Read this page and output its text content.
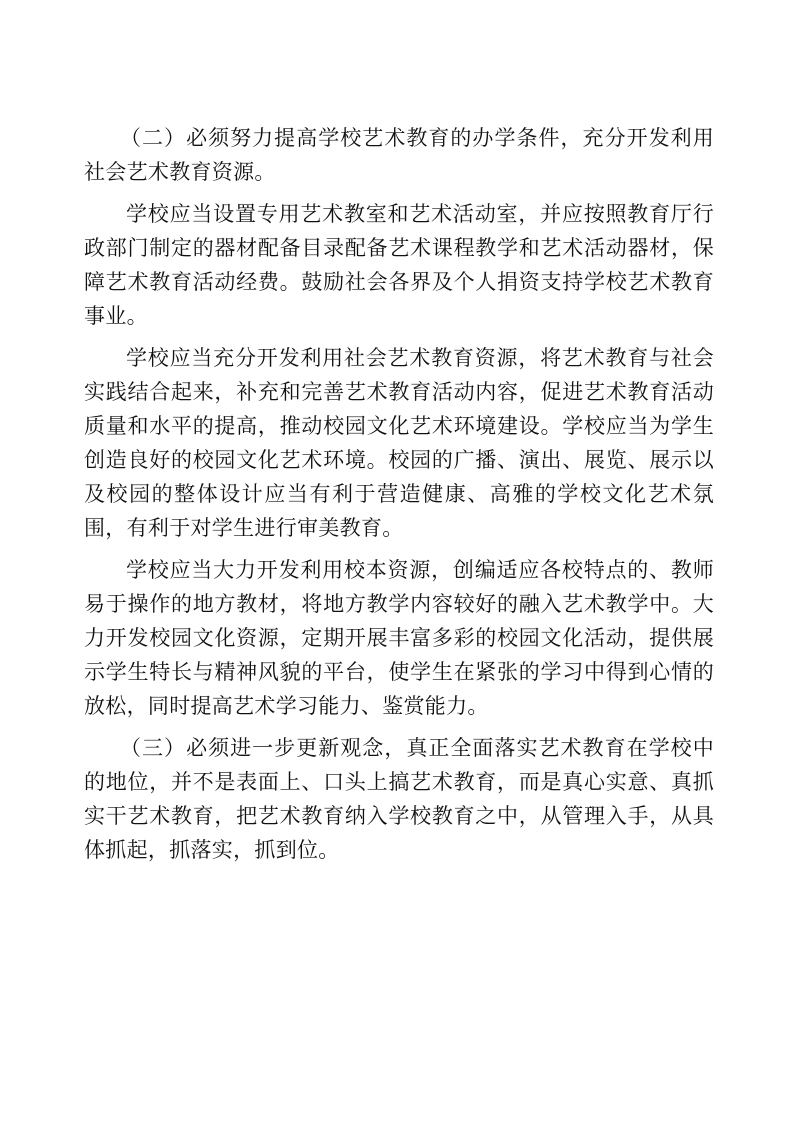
（二）必须努力提高学校艺术教育的办学条件，充分开发利用社会艺术教育资源。

学校应当设置专用艺术教室和艺术活动室，并应按照教育厅行政部门制定的器材配备目录配备艺术课程教学和艺术活动器材，保障艺术教育活动经费。鼓励社会各界及个人捐资支持学校艺术教育事业。

学校应当充分开发利用社会艺术教育资源，将艺术教育与社会实践结合起来，补充和完善艺术教育活动内容，促进艺术教育活动质量和水平的提高，推动校园文化艺术环境建设。学校应当为学生创造良好的校园文化艺术环境。校园的广播、演出、展览、展示以及校园的整体设计应当有利于营造健康、高雅的学校文化艺术氛围，有利于对学生进行审美教育。

学校应当大力开发利用校本资源，创编适应各校特点的、教师易于操作的地方教材，将地方教学内容较好的融入艺术教学中。大力开发校园文化资源，定期开展丰富多彩的校园文化活动，提供展示学生特长与精神风貌的平台，使学生在紧张的学习中得到心情的放松，同时提高艺术学习能力、鉴赏能力。

（三）必须进一步更新观念，真正全面落实艺术教育在学校中的地位，并不是表面上、口头上搞艺术教育，而是真心实意、真抓实干艺术教育，把艺术教育纳入学校教育之中，从管理入手，从具体抓起，抓落实，抓到位。
